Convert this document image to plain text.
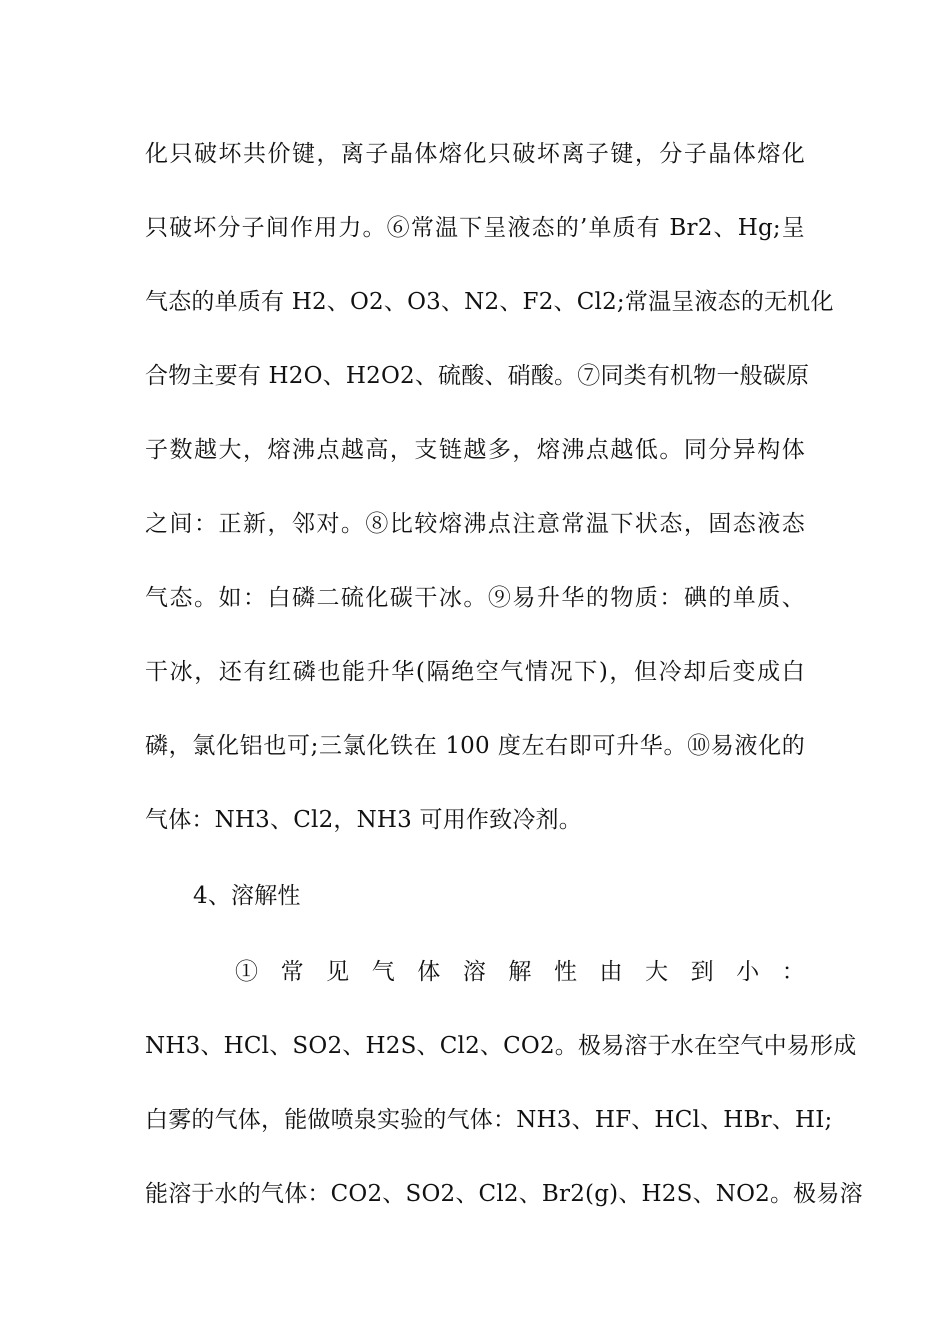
化只破坏共价键，离子晶体熔化只破坏离子键，分子晶体熔化
只破坏分子间作用力。⑥常温下呈液态的’单质有 Br2、Hg;呈
气态的单质有 H2、O2、O3、N2、F2、Cl2;常温呈液态的无机化
合物主要有 H2O、H2O2、硫酸、硝酸。⑦同类有机物一般碳原
子数越大，熔沸点越高，支链越多，熔沸点越低。同分异构体
之间：正新，邻对。⑧比较熔沸点注意常温下状态，固态液态
气态。如：白磷二硫化碳干冰。⑨易升华的物质：碘的单质、
干冰，还有红磷也能升华(隔绝空气情况下)，但冷却后变成白
磷，氯化铝也可;三氯化铁在 100 度左右即可升华。⑩易液化的
气体：NH3、Cl2，NH3 可用作致冷剂。
4、溶解性
① 常 见 气 体 溶 解 性 由 大 到 小 ：
NH3、HCl、SO2、H2S、Cl2、CO2。极易溶于水在空气中易形成
白雾的气体，能做喷泉实验的气体：NH3、HF、HCl、HBr、HI;
能溶于水的气体：CO2、SO2、Cl2、Br2(g)、H2S、NO2。极易溶
